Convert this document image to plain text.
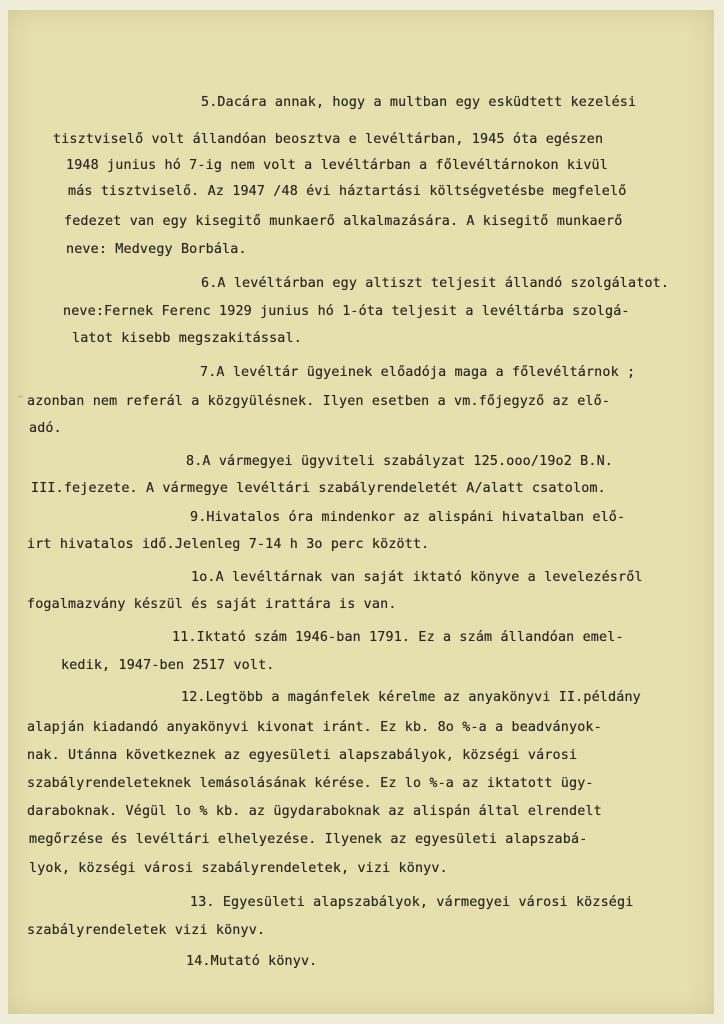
5.Dacára annak, hogy a multban egy esküdtett kezelési
tisztviselő volt állandóan beosztva e levéltárban, 1945 óta egészen
1948 junius hó 7-ig nem volt a levéltárban a főlevéltárnokon kivül
más tisztviselő. Az 1947 /48 évi háztartási költségvetésbe megfelelő
fedezet van egy kisegitő munkaerő alkalmazására. A kisegitő munkaerő
neve: Medvegy Borbála.
6.A levéltárban egy altiszt teljesit állandó szolgálatot.
neve:Fernek Ferenc 1929 junius hó 1-óta teljesit a levéltárba szolgá-
latot kisebb megszakitással.
7.A levéltár ügyeinek előadója maga a főlevéltárnok ;
azonban nem referál a közgyülésnek. Ilyen esetben a vm.főjegyző az elő-
adó.
8.A vármegyei ügyviteli szabályzat 125.ooo/19o2 B.N.
III.fejezete. A vármegye levéltári szabályrendeletét A/alatt csatolom.
9.Hivatalos óra mindenkor az alispáni hivatalban elő-
irt hivatalos idő.Jelenleg 7-14 h 3o perc között.
1o.A levéltárnak van saját iktató könyve a levelezésről
fogalmazvány készül és saját irattára is van.
11.Iktató szám 1946-ban 1791. Ez a szám állandóan emel-
kedik, 1947-ben 2517 volt.
12.Legtöbb a magánfelek kérelme az anyakönyvi II.példány
alapján kiadandó anyakönyvi kivonat iránt. Ez kb. 8o %-a a beadványok-
nak. Utánna következnek az egyesületi alapszabályok, községi városi
szabályrendeleteknek lemásolásának kérése. Ez lo %-a az iktatott ügy-
daraboknak. Végül lo % kb. az ügydaraboknak az alispán által elrendelt
megőrzése és levéltári elhelyezése. Ilyenek az egyesületi alapszabá-
lyok, községi városi szabályrendeletek, vizi könyv.
13. Egyesületi alapszabályok, vármegyei városi községi
szabályrendeletek vizi könyv.
14.Mutató könyv.
